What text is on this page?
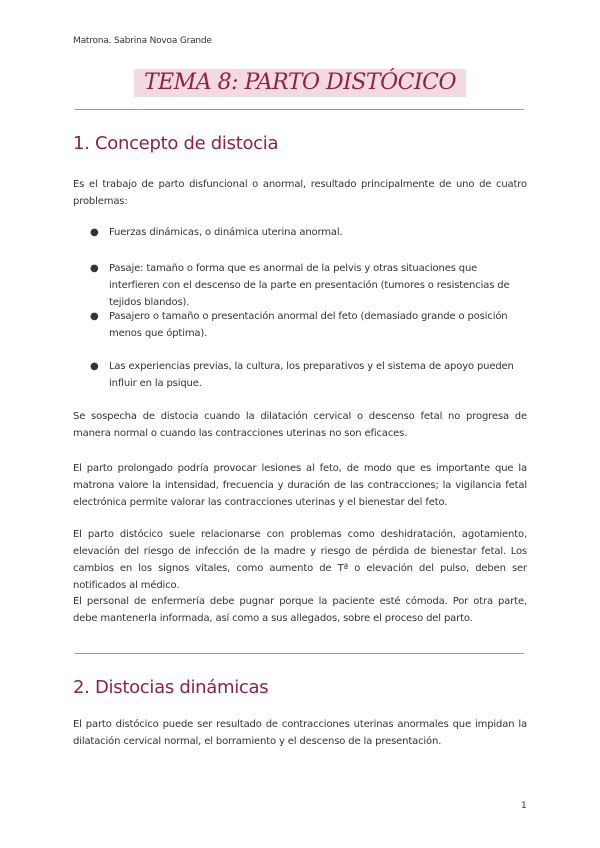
Matrona. Sabrina Novoa Grande
TEMA 8: PARTO DISTÓCICO
1. Concepto de distocia
Es el trabajo de parto disfuncional o anormal, resultado principalmente de uno de cuatro problemas:
● Fuerzas dinámicas, o dinámica uterina anormal.
● Pasaje: tamaño o forma que es anormal de la pelvis y otras situaciones que interfieren con el descenso de la parte en presentación (tumores o resistencias de tejidos blandos).
● Pasajero o tamaño o presentación anormal del feto (demasiado grande o posición menos que óptima).
● Las experiencias previas, la cultura, los preparativos y el sistema de apoyo pueden influir en la psique.
Se sospecha de distocia cuando la dilatación cervical o descenso fetal no progresa de manera normal o cuando las contracciones uterinas no son eficaces.
El parto prolongado podría provocar lesiones al feto, de modo que es importante que la matrona valore la intensidad, frecuencia y duración de las contracciones; la vigilancia fetal electrónica permite valorar las contracciones uterinas y el bienestar del feto.
El parto distócico suele relacionarse con problemas como deshidratación, agotamiento, elevación del riesgo de infección de la madre y riesgo de pérdida de bienestar fetal. Los cambios en los signos vitales, como aumento de Tª o elevación del pulso, deben ser notificados al médico.
El personal de enfermería debe pugnar porque la paciente esté cómoda. Por otra parte, debe mantenerla informada, así como a sus allegados, sobre el proceso del parto.
2. Distocias dinámicas
El parto distócico puede ser resultado de contracciones uterinas anormales que impidan la dilatación cervical normal, el borramiento y el descenso de la presentación.
1
